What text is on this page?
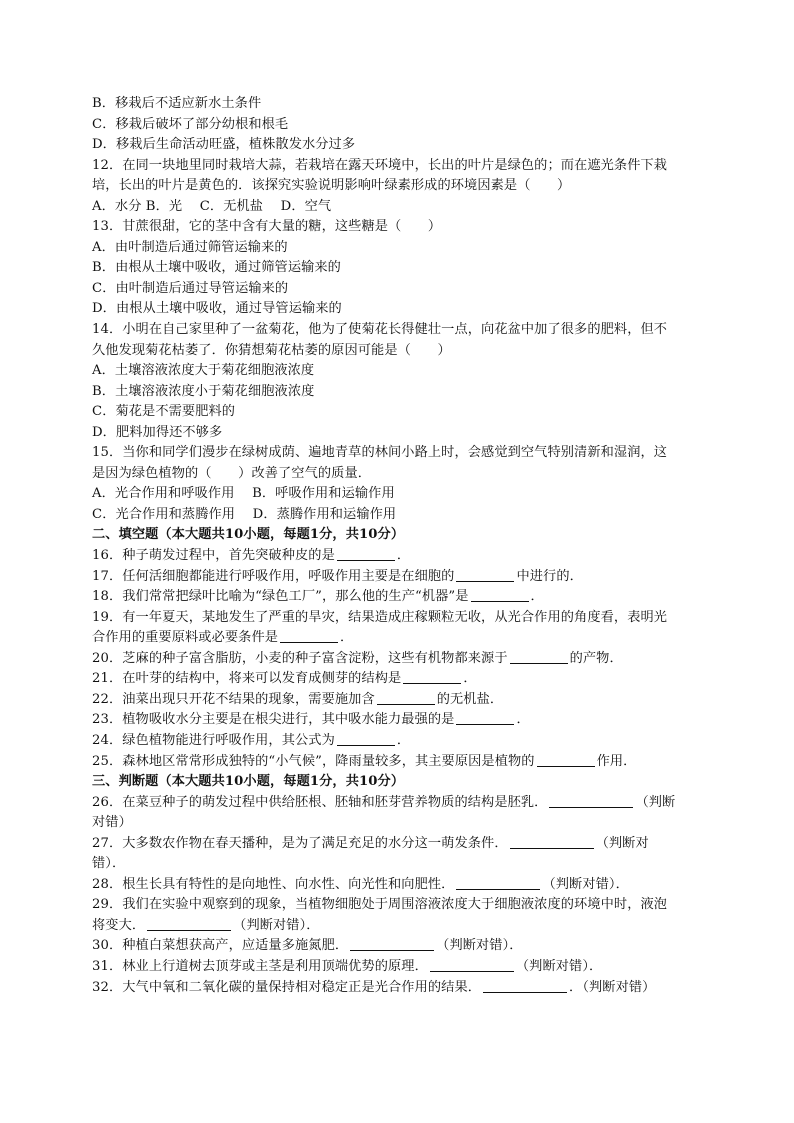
B．移栽后不适应新水土条件
C．移栽后破坏了部分幼根和根毛
D．移栽后生命活动旺盛，植株散发水分过多
12．在同一块地里同时栽培大蒜，若栽培在露天环境中，长出的叶片是绿色的；而在遮光条件下栽
培，长出的叶片是黄色的．该探究实验说明影响叶绿素形成的环境因素是（　　）
A．水分 B．光　 C．无机盐　 D．空气
13．甘蔗很甜，它的茎中含有大量的糖，这些糖是（　　）
A．由叶制造后通过筛管运输来的
B．由根从土壤中吸收，通过筛管运输来的
C．由叶制造后通过导管运输来的
D．由根从土壤中吸收，通过导管运输来的
14．小明在自己家里种了一盆菊花，他为了使菊花长得健壮一点，向花盆中加了很多的肥料，但不
久他发现菊花枯萎了．你猜想菊花枯萎的原因可能是（　　）
A．土壤溶液浓度大于菊花细胞液浓度
B．土壤溶液浓度小于菊花细胞液浓度
C．菊花是不需要肥料的
D．肥料加得还不够多
15．当你和同学们漫步在绿树成荫、遍地青草的林间小路上时，会感觉到空气特别清新和湿润，这
是因为绿色植物的（　　）改善了空气的质量．
A．光合作用和呼吸作用　 B．呼吸作用和运输作用
C．光合作用和蒸腾作用　 D．蒸腾作用和运输作用
二、填空题（本大题共10小题，每题1分，共10分）
16．种子萌发过程中，首先突破种皮的是	．
17．任何活细胞都能进行呼吸作用，呼吸作用主要是在细胞的	中进行的．
18．我们常常把绿叶比喻为“绿色工厂”，那么他的生产“机器”是	．
19．有一年夏天，某地发生了严重的旱灾，结果造成庄稼颗粒无收，从光合作用的角度看，表明光
合作用的重要原料或必要条件是	．
20．芝麻的种子富含脂肪，小麦的种子富含淀粉，这些有机物都来源于	的产物．
21．在叶芽的结构中，将来可以发育成侧芽的结构是	．
22．油菜出现只开花不结果的现象，需要施加含	的无机盐．
23．植物吸收水分主要是在根尖进行，其中吸水能力最强的是	．
24．绿色植物能进行呼吸作用，其公式为	．
25．森林地区常常形成独特的“小气候”，降雨量较多，其主要原因是植物的	作用．
三、判断题（本大题共10小题，每题1分，共10分）
26．在菜豆种子的萌发过程中供给胚根、胚轴和胚芽营养物质的结构是胚乳．	（判断
对错）
27．大多数农作物在春天播种，是为了满足充足的水分这一萌发条件．	（判断对
错）．
28．根生长具有特性的是向地性、向水性、向光性和向肥性．	（判断对错）．
29．我们在实验中观察到的现象，当植物细胞处于周围溶液浓度大于细胞液浓度的环境中时，液泡
将变大．	（判断对错）．
30．种植白菜想获高产，应适量多施氮肥．	（判断对错）．
31．林业上行道树去顶芽或主茎是利用顶端优势的原理．	（判断对错）．
32．大气中氧和二氧化碳的量保持相对稳定正是光合作用的结果．	．（判断对错）
